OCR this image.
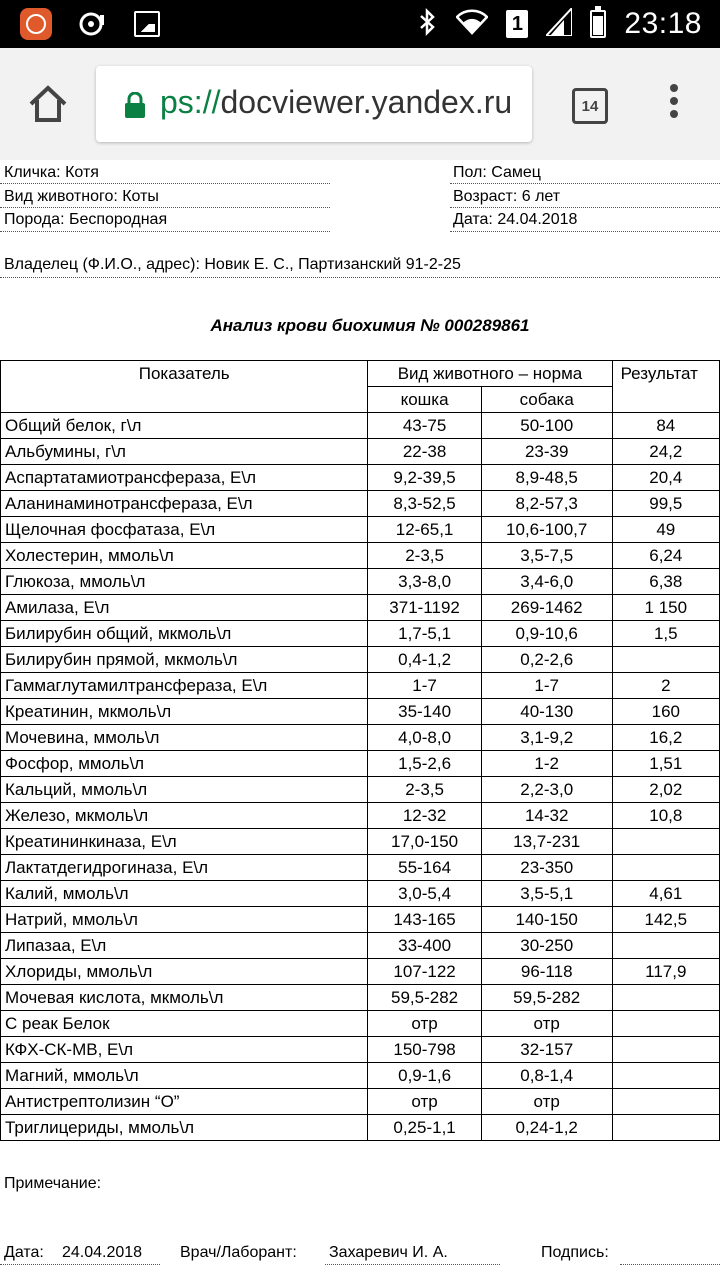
1	23:18
ps://docviewer.yandex.ru	14
Кличка: Котя
Вид животного: Коты
Порода: Беспородная
Пол: Самец
Возраст: 6 лет
Дата: 24.04.2018
Владелец (Ф.И.О., адрес): Новик Е. С., Партизанский 91-2-25
Анализ крови биохимия № 000289861
Показатель	Вид животного – норма		Результат
	кошка	собака	
Общий белок, г\л	43-75	50-100	84
Альбумины, г\л	22-38	23-39	24,2
Аспартатамиотрансфераза, Е\л	9,2-39,5	8,9-48,5	20,4
Аланинаминотрансфераза, Е\л	8,3-52,5	8,2-57,3	99,5
Щелочная фосфатаза, Е\л	12-65,1	10,6-100,7	49
Холестерин, ммоль\л	2-3,5	3,5-7,5	6,24
Глюкоза, ммоль\л	3,3-8,0	3,4-6,0	6,38
Амилаза, Е\л	371-1192	269-1462	1 150
Билирубин общий, мкмоль\л	1,7-5,1	0,9-10,6	1,5
Билирубин прямой, мкмоль\л	0,4-1,2	0,2-2,6	
Гаммаглутамилтрансфераза, Е\л	1-7	1-7	2
Креатинин, мкмоль\л	35-140	40-130	160
Мочевина, ммоль\л	4,0-8,0	3,1-9,2	16,2
Фосфор, ммоль\л	1,5-2,6	1-2	1,51
Кальций, ммоль\л	2-3,5	2,2-3,0	2,02
Железо, мкмоль\л	12-32	14-32	10,8
Креатининкиназа, Е\л	17,0-150	13,7-231	
Лактатдегидрогиназа, Е\л	55-164	23-350	
Калий, ммоль\л	3,0-5,4	3,5-5,1	4,61
Натрий, ммоль\л	143-165	140-150	142,5
Липазаа, Е\л	33-400	30-250	
Хлориды, ммоль\л	107-122	96-118	117,9
Мочевая кислота, мкмоль\л	59,5-282	59,5-282	
С реак Белок	отр	отр	
КФХ-СК-МВ, Е\л	150-798	32-157	
Магний, ммоль\л	0,9-1,6	0,8-1,4	
Антистрептолизин “О”	отр	отр	
Триглицериды, ммоль\л	0,25-1,1	0,24-1,2	
Примечание:
Дата: 24.04.2018 Врач/Лаборант: Захаревич И. А.	Подпись:
